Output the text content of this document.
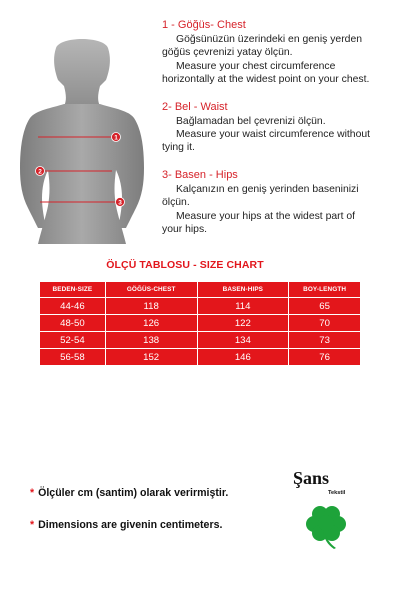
1
2
3
1 - Göğüs- Chest
Göğsünüzün üzerindeki en geniş yerden
göğüs çevrenizi yatay ölçün.
Measure your chest circumference
horizontally at the widest point on your chest.
2- Bel - Waist
Bağlamadan bel çevrenizi ölçün.
Measure your waist circumference without
tying it.
3- Basen - Hips
Kalçanızın en geniş yerinden baseninizi
ölçün.
Measure your hips at the widest part of
your hips.
ÖLÇÜ TABLOSU - SIZE CHART
BEDEN-SIZE	GÖĞÜS-CHEST	BASEN-HIPS	BOY-LENGTH
44-46	118	114	65
48-50	126	122	70
52-54	138	134	73
56-58	152	146	76
* Ölçüler cm (santim) olarak verirmiştir.
* Dimensions are givenin centimeters.
Şans
Tekstil
